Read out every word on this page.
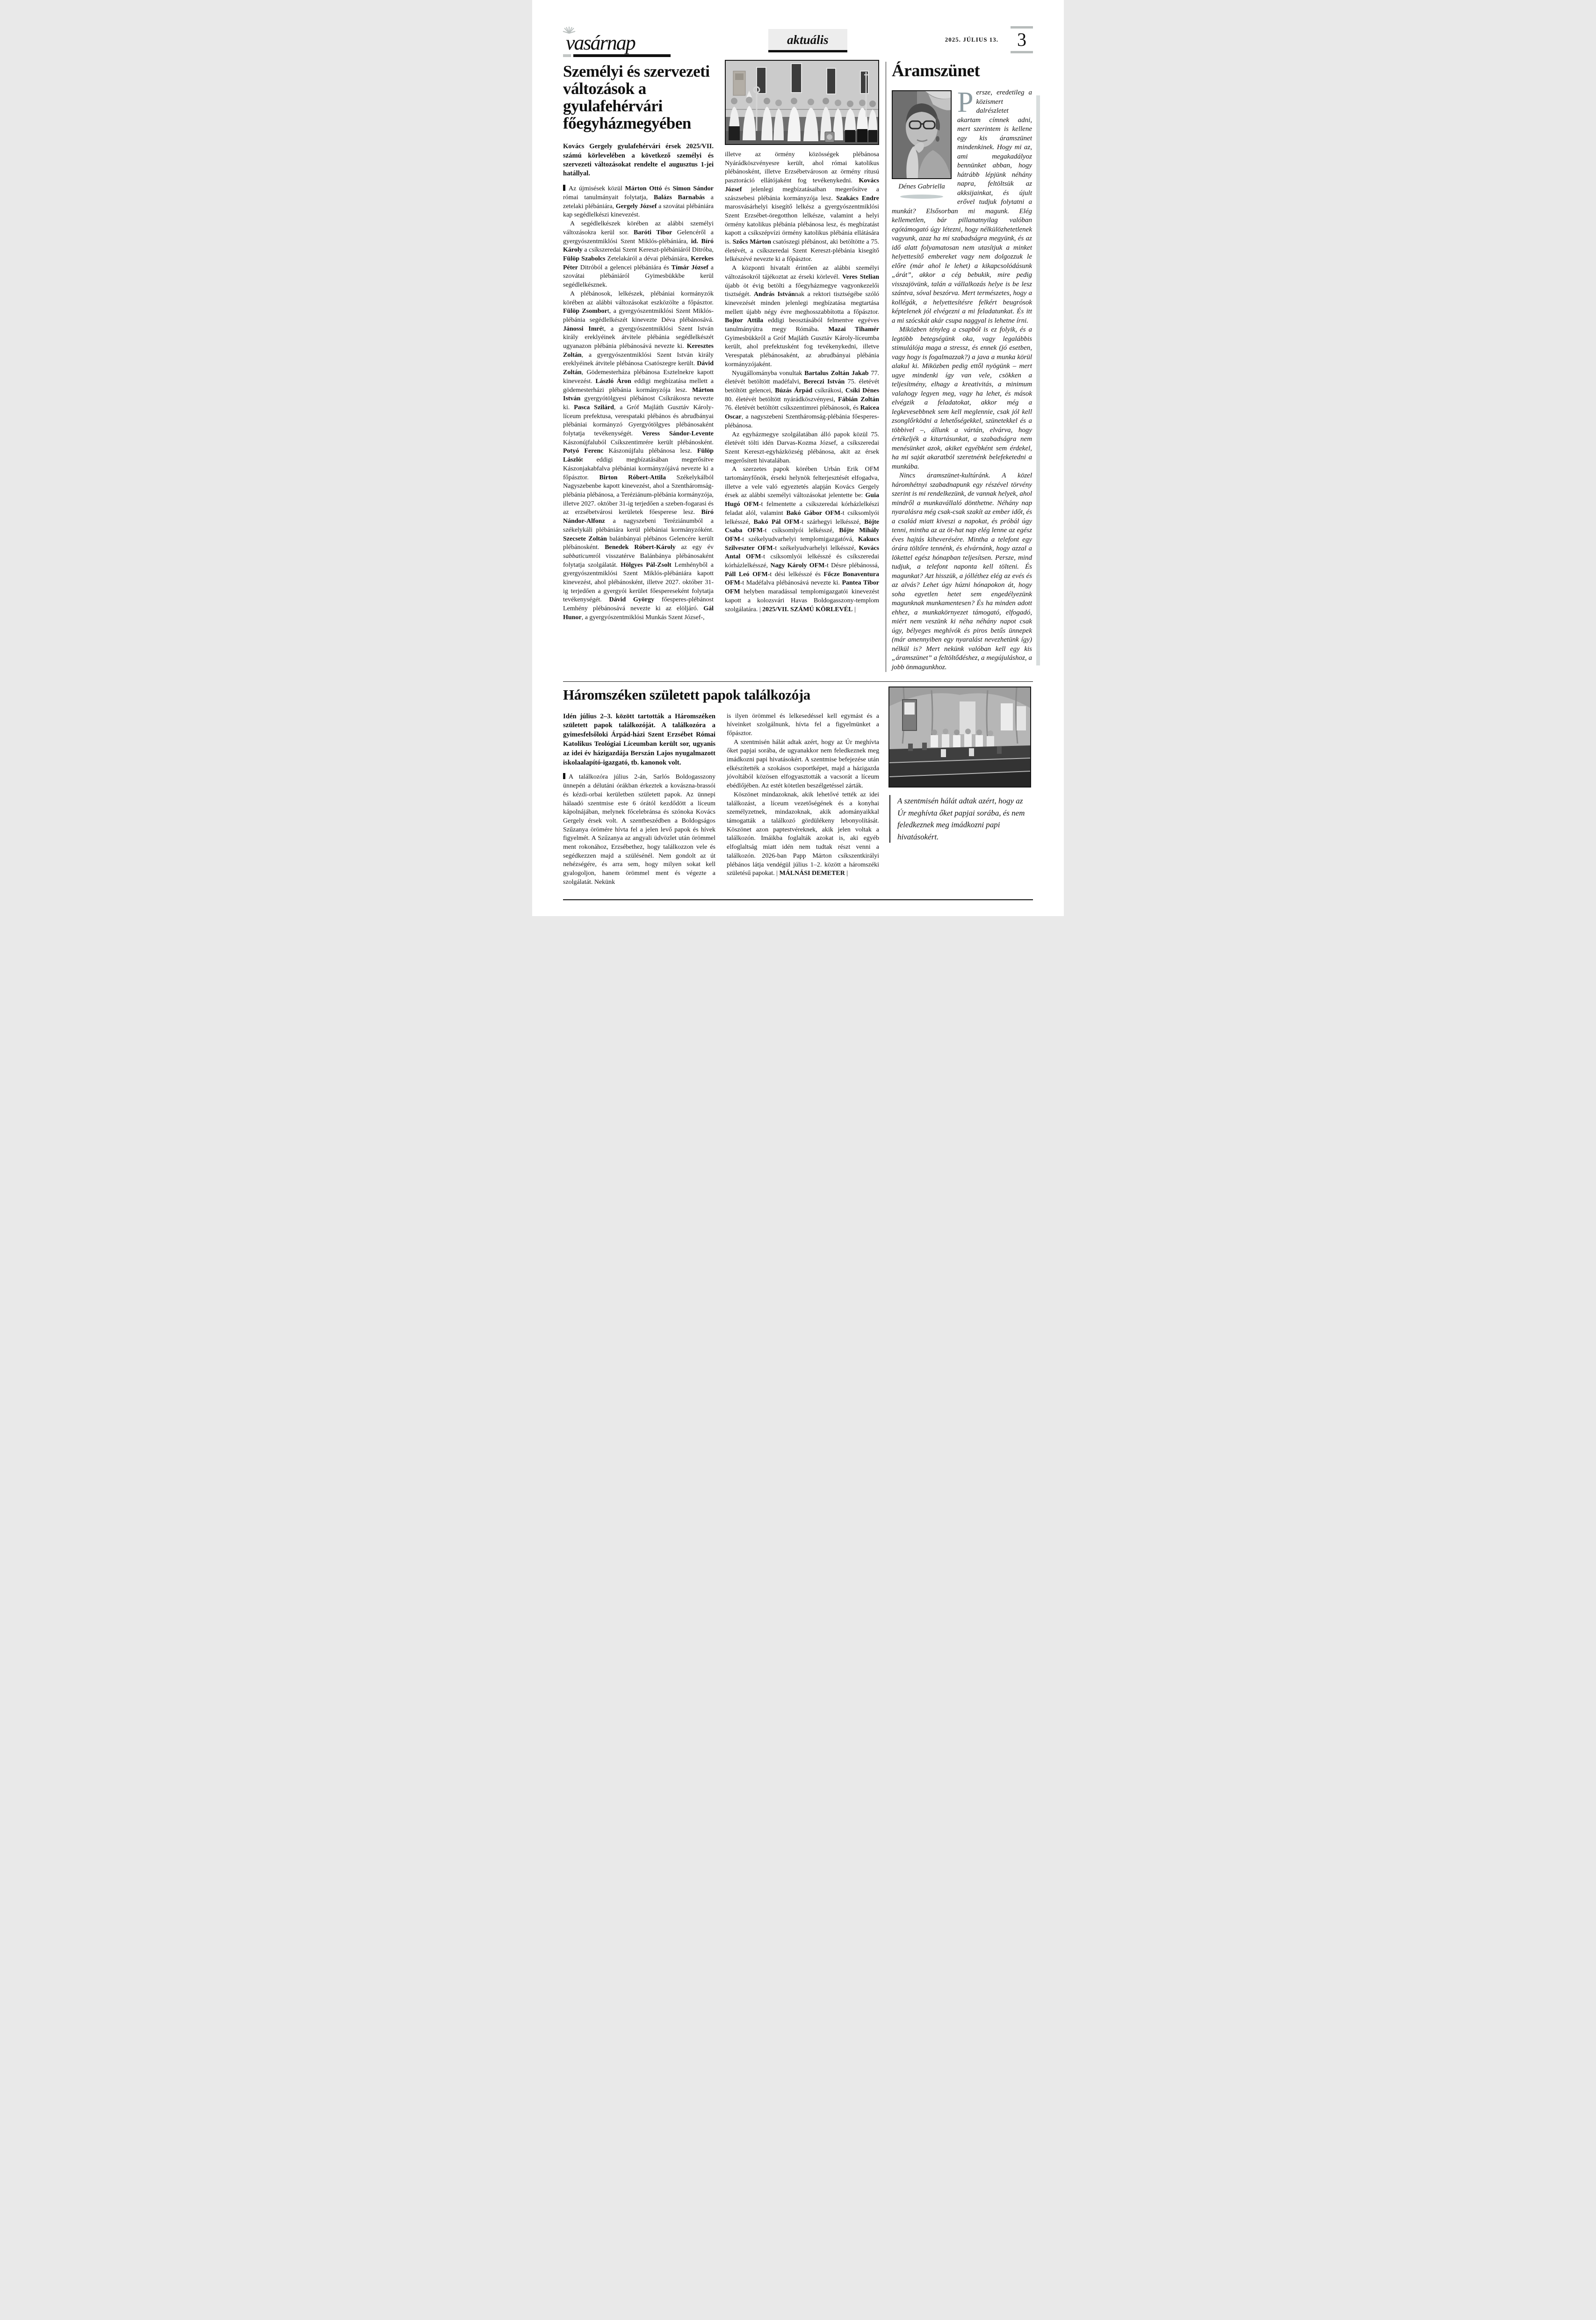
vasárnap	aktuális	2025. JÚLIUS 13. 3
Személyi és szervezeti változások a gyulafehérvári főegyházmegyében

Kovács Gergely gyulafehérvári érsek 2025/VII. számú körlevelében a következő személyi és szervezeti változásokat rendelte el augusztus 1-jei hatállyal.

Az újmisések közül Márton Ottó és Simon Sándor római tanulmányait folytatja, Balázs Barnabás a zetelaki plébániára, Gergely József a szovátai plébániára kap segédlelkészi kinevezést.

A segédlelkészek körében az alábbi személyi változásokra kerül sor. Baróti Tibor Gelencéről a gyergyószentmiklósi Szent Miklós-plébániára, id. Bíró Károly a csíkszeredai Szent Kereszt-plébániáról Ditróba, Fülöp Szabolcs Zetelakáról a dévai plébániára, Kerekes Péter Ditróból a gelencei plébániára és Tímár József a szovátai plébániáról Gyimesbükkbe kerül segédlelkésznek.

A plébánosok, lelkészek, plébániai kormányzók körében az alábbi változásokat eszközölte a főpásztor. Fülöp Zsombort, a gyergyószentmiklósi Szent Miklós-plébánia segédlelkészét kinevezte Déva plébánosává. Jánossi Imrét, a gyergyószentmiklósi Szent István király ereklyéinek átvitele plébánia segédlelkészét ugyanazon plébánia plébánosává nevezte ki. Keresztes Zoltán, a gyergyószentmiklósi Szent István király ereklyéinek átvitele plébánosa Csatószegre került. Dávid Zoltán, Gödemesterháza plébánosa Esztelnekre kapott kinevezést. László Áron eddigi megbízatása mellett a gödemesterházi plébánia kormányzója lesz. Márton István gyergyótölgyesi plébánost Csíkrákosra nevezte ki. Pasca Szilárd, a Gróf Majláth Gusztáv Károly-líceum prefektusa, verespataki plébános és abrudbányai plébániai kormányzó Gyergyótölgyes plébánosaként folytatja tevékenységét. Veress Sándor-Levente Kászonújfaluból Csíkszentimrére került plébánosként. Potyó Ferenc Kászonújfalu plébánosa lesz. Fülöp Lászlót eddigi megbízatásában megerősítve Kászonjakabfalva plébániai kormányzójává nevezte ki a főpásztor. Birton Róbert-Attila Székelykálból Nagyszebenbe kapott kinevezést, ahol a Szentháromság-plébánia plébánosa, a Teréziánum-plébánia kormányzója, illetve 2027. október 31-ig terjedően a szeben-fogarasi és az erzsébetvárosi kerületek főesperese lesz. Bíró Nándor-Alfonz a nagyszebeni Teréziánumból a székelykáli plébániára kerül plébániai kormányzóként. Szecsete Zoltán balánbányai plébános Gelencére került plébánosként. Benedek Róbert-Károly az egy év sabbaticumról visszatérve Balánbánya plébánosaként folytatja szolgálatát. Hölgyes Pál-Zsolt Lemhényből a gyergyószentmiklósi Szent Miklós-plébániára kapott kinevezést, ahol plébánosként, illetve 2027. október 31-ig terjedően a gyergyói kerület főespereseként folytatja tevékenységét. Dávid György főesperes-plébánost Lemhény plébánosává nevezte ki az elöljáró. Gál Hunor, a gyergyószentmiklósi Munkás Szent József-,

illetve az örmény közösségek plébánosa Nyárádköszvényesre került, ahol római katolikus plébánosként, illetve Erzsébetvároson az örmény rítusú pasztoráció ellátójaként fog tevékenykedni. Kovács József jelenlegi megbízatásaiban megerősítve a szászsebesi plébánia kormányzója lesz. Szakács Endre marosvásárhelyi kisegítő lelkész a gyergyószentmiklósi Szent Erzsébet-öregotthon lelkésze, valamint a helyi örmény katolikus plébánia plébánosa lesz, és megbízatást kapott a csíkszépvízi örmény katolikus plébánia ellátására is. Szőcs Márton csatószegi plébánost, aki betöltötte a 75. életévét, a csíkszeredai Szent Kereszt-plébánia kisegítő lelkészévé nevezte ki a főpásztor.

A központi hivatalt érintően az alábbi személyi változásokról tájékoztat az érseki körlevél. Veres Stelian újabb öt évig betölti a főegyházmegye vagyonkezelői tisztségét. András Istvánnak a rektori tisztségébe szóló kinevezését minden jelenlegi megbízatása megtartása mellett újabb négy évre meghosszabbította a főpásztor. Bojtor Attila eddigi beosztásából felmentve egyéves tanulmányútra megy Rómába. Mazai Tihamér Gyimesbükkről a Gróf Majláth Gusztáv Károly-líceumba került, ahol prefektusként fog tevékenykedni, illetve Verespatak plébánosaként, az abrudbányai plébánia kormányzójaként.

Nyugállományba vonultak Bartalus Zoltán Jakab 77. életévét betöltött madéfalvi, Bereczi István 75. életévét betöltött gelencei, Búzás Árpád csíkrákosi, Csíki Dénes 80. életévét betöltött nyárádköszvényesi, Fábián Zoltán 76. életévét betöltött csíkszentimrei plébánosok, és Raicea Oscar, a nagyszebeni Szentháromság-plébánia főesperes-plébánosa.

Az egyházmegye szolgálatában álló papok közül 75. életévét tölti idén Darvas-Kozma József, a csíkszeredai Szent Kereszt-egyházközség plébánosa, akit az érsek megerősített hivatalában.

A szerzetes papok körében Urbán Erik OFM tartományfőnök, érseki helynök felterjesztését elfogadva, illetve a vele való egyeztetés alapján Kovács Gergely érsek az alábbi személyi változásokat jelentette be: Guia Hugó OFM-t felmentette a csíkszeredai kórházlelkészi feladat alól, valamint Bakó Gábor OFM-t csíksomlyói lelkésszé, Bakó Pál OFM-t szárhegyi lelkésszé, Böjte Csaba OFM-t csíksomlyói lelkésszé, Bőjte Mihály OFM-t székelyudvarhelyi templomigazgatóvá, Kakucs Szilveszter OFM-t székelyudvarhelyi lelkésszé, Kovács Antal OFM-t csíksomlyói lelkésszé és csíkszeredai kórházlelkésszé, Nagy Károly OFM-t Désre plébánossá, Páll Leó OFM-t dési lelkésszé és Főcze Bonaventura OFM-t Madéfalva plébánosává nevezte ki. Pantea Tibor OFM helyben maradással templomigazgatói kinevezést kapott a kolozsvári Havas Boldogasszony-templom szolgálatára. | 2025/VII. SZÁMÚ KÖRLEVÉL |

Áramszünet
Dénes Gabriella

Persze, eredetileg a közismert dalrészletet akartam címnek adni, mert szerintem is kellene egy kis áramszünet mindenkinek. Hogy mi az, ami megakadályoz bennünket abban, hogy hátrább lépjünk néhány napra, feltöltsük az akksijainkat, és újult erővel tudjuk folytatni a munkát? Elsősorban mi magunk. Elég kellemetlen, bár pillanatnyilag valóban egótámogató úgy létezni, hogy nélkülözhetetlenek vagyunk, azaz ha mi szabadságra megyünk, és az idő alatt folyamatosan nem utasítjuk a minket helyettesítő embereket vagy nem dolgozzuk le előre (már ahol le lehet) a kikapcsolódásunk „árát”, akkor a cég bebukik, mire pedig visszajövünk, talán a vállalkozás helye is be lesz szántva, sóval beszórva. Mert természetes, hogy a kollégák, a helyettesítésre felkért beugrósok képtelenek jól elvégezni a mi feladatunkat. És itt a mi szócskát akár csupa naggyal is lehetne írni.

Miközben tényleg a csapból is ez folyik, és a legtöbb betegségünk oka, vagy legalábbis stimulálója maga a stressz, és ennek (jó esetben, vagy hogy is fogalmazzak?) a java a munka körül alakul ki. Miközben pedig ettől nyögünk – mert ugye mindenki így van vele, csökken a teljesítmény, elhagy a kreativitás, a minimum valahogy legyen meg, vagy ha lehet, és mások elvégzik a feladatokat, akkor még a legkevesebbnek sem kell meglennie, csak jól kell zsonglőrködni a lehetőségekkel, szünetekkel és a többivel –, állunk a vártán, elvárva, hogy értékeljék a kitartásunkat, a szabadságra nem menésünket azok, akiket egyébként sem érdekel, ha mi saját akaratból szeretnénk belefeketedni a munkába.

Nincs áramszünet-kultúránk. A közel háromhétnyi szabadnapunk egy részével törvény szerint is mi rendelkezünk, de vannak helyek, ahol mindről a munkavállaló dönthetne. Néhány nap nyaralásra még csak-csak szakít az ember időt, és a család miatt kiveszi a napokat, és próbál úgy tenni, mintha az az öt-hat nap elég lenne az egész éves hajtás kiheverésére. Mintha a telefont egy órára töltőre tennénk, és elvárnánk, hogy azzal a lökettel egész hónapban teljesítsen. Persze, mind tudjuk, a telefont naponta kell tölteni. És magunkat? Azt hisszük, a jólléthez elég az evés és az alvás? Lehet úgy húzni hónapokon át, hogy soha egyetlen hetet sem engedélyezünk magunknak munkamentesen? És ha minden adott ehhez, a munkakörnyezet támogató, elfogadó, miért nem veszünk ki néha néhány napot csak úgy, bélyeges meghívók és piros betűs ünnepek (már amennyiben egy nyaralást nevezhetünk így) nélkül is? Mert nekünk valóban kell egy kis „áramszünet” a feltöltődéshez, a megújuláshoz, a jobb önmagunkhoz.

Háromszéken született papok találkozója

Idén július 2–3. között tartották a Háromszéken született papok találkozóját. A találkozóra a gyimesfelsőloki Árpád-házi Szent Erzsébet Római Katolikus Teológiai Líceumban került sor, ugyanis az idei év házigazdája Berszán Lajos nyugalmazott iskolaalapító-igazgató, tb. kanonok volt.

A találkozóra július 2-án, Sarlós Boldogasszony ünnepén a délutáni órákban érkeztek a kovászna-brassói és kézdi-orbai kerületben született papok. Az ünnepi hálaadó szentmise este 6 órától kezdődött a líceum kápolnájában, melynek főcelebránsa és szónoka Kovács Gergely érsek volt. A szentbeszédben a Boldogságos Szűzanya örömére hívta fel a jelen levő papok és hívek figyelmét. A Szűzanya az angyali üdvözlet után örömmel ment rokonához, Erzsébethez, hogy találkozzon vele és segédkezzen majd a szülésénél. Nem gondolt az út nehézségére, és arra sem, hogy milyen sokat kell gyalogoljon, hanem örömmel ment és végezte a szolgálatát. Nekünk

is ilyen örömmel és lelkesedéssel kell egymást és a híveinket szolgálnunk, hívta fel a figyelmünket a főpásztor.

A szentmisén hálát adtak azért, hogy az Úr meghívta őket papjai sorába, de ugyanakkor nem feledkeznek meg imádkozni papi hivatásokért. A szentmise befejezése után elkészítették a szokásos csoportképet, majd a házigazda jóvoltából közösen elfogyasztották a vacsorát a líceum ebédlőjében. Az estét kötetlen beszélgetéssel zárták.

Köszönet mindazoknak, akik lehetővé tették az idei találkozást, a líceum vezetőségének és a konyhai személyzetnek, mindazoknak, akik adományaikkal támogatták a találkozó gördülékeny lebonyolítását. Köszönet azon paptestvéreknek, akik jelen voltak a találkozón. Imáikba foglalták azokat is, aki egyéb elfoglaltság miatt idén nem tudtak részt venni a találkozón. 2026-ban Papp Márton csíkszentkirályi plébános látja vendégül július 1–2. között a háromszéki születésű papokat. | MÁLNÁSI DEMETER |

A szentmisén hálát adtak azért, hogy az Úr meghívta őket papjai sorába, és nem feledkeznek meg imádkozni papi hivatásokért.
